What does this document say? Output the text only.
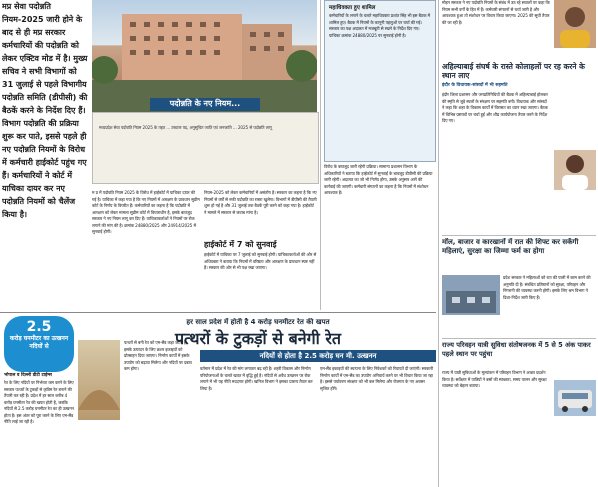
मप्र सेवा पदोन्नति नियम-2025 जारी होने के बाद से ही मप्र सरकार कर्मचारियों की पदोन्नति को लेकर एक्टिव मोड में है। मुख्य सचिव ने सभी विभागों को 31 जुलाई से पहले विभागीय पदोन्नति समिति (डीपीसी) की बैठकें करने के निर्देश दिए हैं। विभाग पदोन्नति की प्रक्रिया शुरू कर पाते, इससे पहले ही नए पदोन्नति नियमों के विरोध में कर्मचारी हाईकोर्ट पहुंच गए हैं। कर्मचारियों ने कोर्ट में याचिका दायर कर नए पदोन्नति नियमों को चैलेंज किया है।
मध्यप्रदेश सेवा पदोन्नति नियम 2025 के तहत ... उच्चतर पद, अनुसूचित जाति एवं जनजाति ... 2025 से पदोन्नति लागू
पदोन्नति के नए नियम...
म प्र में पदोन्नति नियम 2025 के विरोध में हाईकोर्ट में याचिका दायर की गई है। याचिका में कहा गया है कि नए नियमों में आरक्षण के प्रावधान सुप्रीम कोर्ट के निर्णय के विपरीत हैं। कर्मचारियों का कहना है कि पदोन्नति में आरक्षण को लेकर मामला सुप्रीम कोर्ट में विचाराधीन है, इसके बावजूद सरकार ने नए नियम लागू कर दिए हैं। याचिकाकर्ताओं ने नियमों पर रोक लगाने की मांग की है। क्रमांक 24880/2025 और 24914/2025 में सुनवाई होगी।
नियम-2025 को लेकर कर्मचारियों में असंतोष है। सरकार का कहना है कि नए नियमों से वर्षों से रुकी पदोन्नति का रास्ता खुलेगा। विभागों में डीपीसी की तैयारी शुरू हो गई है और 31 जुलाई तक बैठकें पूरी करने को कहा गया है। हाईकोर्ट ने मामले में सरकार से जवाब मांगा है।
हाईकोर्ट में 7 को सुनवाई
हाईकोर्ट में याचिका पर 7 जुलाई को सुनवाई होगी। याचिकाकर्ताओं की ओर से अधिवक्ता ने बताया कि नियमों में वरिष्ठता और आरक्षण के प्रावधान स्पष्ट नहीं हैं। सरकार की ओर से भी पक्ष रखा जाएगा।
महाधिवक्ता हुए शामिल
कर्मचारियों के लगाने के चलते महाधिवक्ता प्रशांत सिंह भी इस बैठक में शामिल हुए। बैठक में नियमों के कानूनी पहलुओं पर चर्चा की गई। सरकार का पक्ष अदालत में मजबूती से रखने के निर्देश दिए गए। याचिका क्रमांक 24880/2025 पर सुनवाई होनी है।
विरोध के बावजूद जारी रहेगी प्रक्रिया। सामान्य प्रशासन विभाग के अधिकारियों ने बताया कि हाईकोर्ट में सुनवाई के बावजूद डीपीसी की प्रक्रिया जारी रहेगी। अदालत का जो भी निर्णय होगा, उसके अनुसार आगे की कार्रवाई की जाएगी। कर्मचारी संगठनों का कहना है कि नियमों में संशोधन आवश्यक है।
मोहन सरकार ने नए पदोन्नति नियमों के संबंध में उठ रहे सवालों पर कहा कि नियम सभी वर्गों के हित में हैं। कर्मचारी संगठनों से चर्चा जारी है और आवश्यक हुआ तो संशोधन पर विचार किया जाएगा। 2025 की सूची तैयार की जा रही है।
अहिल्याबाई संघर्ष के रास्ते कोलाहलों पर रह करने के स्थान लाए
इंदौर के विधायक-सांसदों में भी सहमति
इंदौर जिला प्रशासन और जनप्रतिनिधियों की बैठक में अहिल्याबाई होलकर की स्मृति से जुड़े स्थलों के संरक्षण पर सहमति बनी। विधायक और सांसदों ने कहा कि शहर के विकास कार्यों में विरासत का ध्यान रखा जाएगा। बैठक में विभिन्न प्रस्तावों पर चर्चा हुई और शीघ्र कार्ययोजना तैयार करने के निर्देश दिए गए।
मॉल, बाजार व कारखानों में रात की शिफ्ट कर सकेंगी महिलाएं, सुरक्षा का जिम्मा फर्म का होगा
प्रदेश सरकार ने महिलाओं को रात की पाली में काम करने की अनुमति दी है। संबंधित प्रतिष्ठानों को सुरक्षा, परिवहन और निगरानी की व्यवस्था करनी होगी। इसके लिए श्रम विभाग ने दिशा-निर्देश जारी किए हैं।
राज्य परिवहन यात्री सुविधा संतोषजनक में 5 से 5 अंक पाकर पहले स्थान पर पहुंचा
राज्य में यात्री सुविधाओं के मूल्यांकन में परिवहन विभाग ने अच्छा प्रदर्शन किया है। सर्वेक्षण में यात्रियों ने बसों की स्वच्छता, समय पालन और सुरक्षा व्यवस्था को बेहतर बताया।
2.5
करोड़ घनमीटर का उत्खनन नदियों से
हर साल प्रदेश में होती है 4 करोड़ घनमीटर रेत की खपत
पत्थरों के टुकड़ों से बनेगी रेत
नदियों से होता है 2.5 करोड़ घन मी. उत्खनन
भोपाल व दिल्ली डीटी टाईम्स
रेत के लिए नदियों पर निर्भरता कम करने के लिए सरकार पत्थरों के टुकड़ों से कृत्रिम रेत बनाने की तैयारी कर रही है। प्रदेश में हर साल करीब 4 करोड़ घनमीटर रेत की खपत होती है, जबकि नदियों से 2.5 करोड़ घनमीटर रेत का ही उत्खनन होता है। इस अंतर को पूरा करने के लिए एम-सैंड नीति लाई जा रही है।
पत्थरों से बनी रेत को एम-सैंड कहा जाता है। इसके उत्पादन के लिए क्रशर इकाइयों को प्रोत्साहन दिया जाएगा। निर्माण कार्यों में इसके उपयोग को बढ़ावा मिलेगा और नदियों पर दबाव कम होगा।	वर्तमान में प्रदेश में रेत की मांग लगातार बढ़ रही है। शहरी विकास और निर्माण परियोजनाओं के चलते खपत में वृद्धि हुई है। नदियों से अवैध उत्खनन पर रोक लगाने में भी यह नीति मददगार होगी। खनिज विभाग ने इसका प्रारूप तैयार कर लिया है।
एम-सैंड इकाइयों की स्थापना के लिए निवेशकों को रियायतें दी जाएंगी। सरकारी निर्माण कार्यों में एम-सैंड का उपयोग अनिवार्य करने पर भी विचार किया जा रहा है। इससे पर्यावरण संरक्षण को भी बल मिलेगा और रोजगार के नए अवसर सृजित होंगे।
